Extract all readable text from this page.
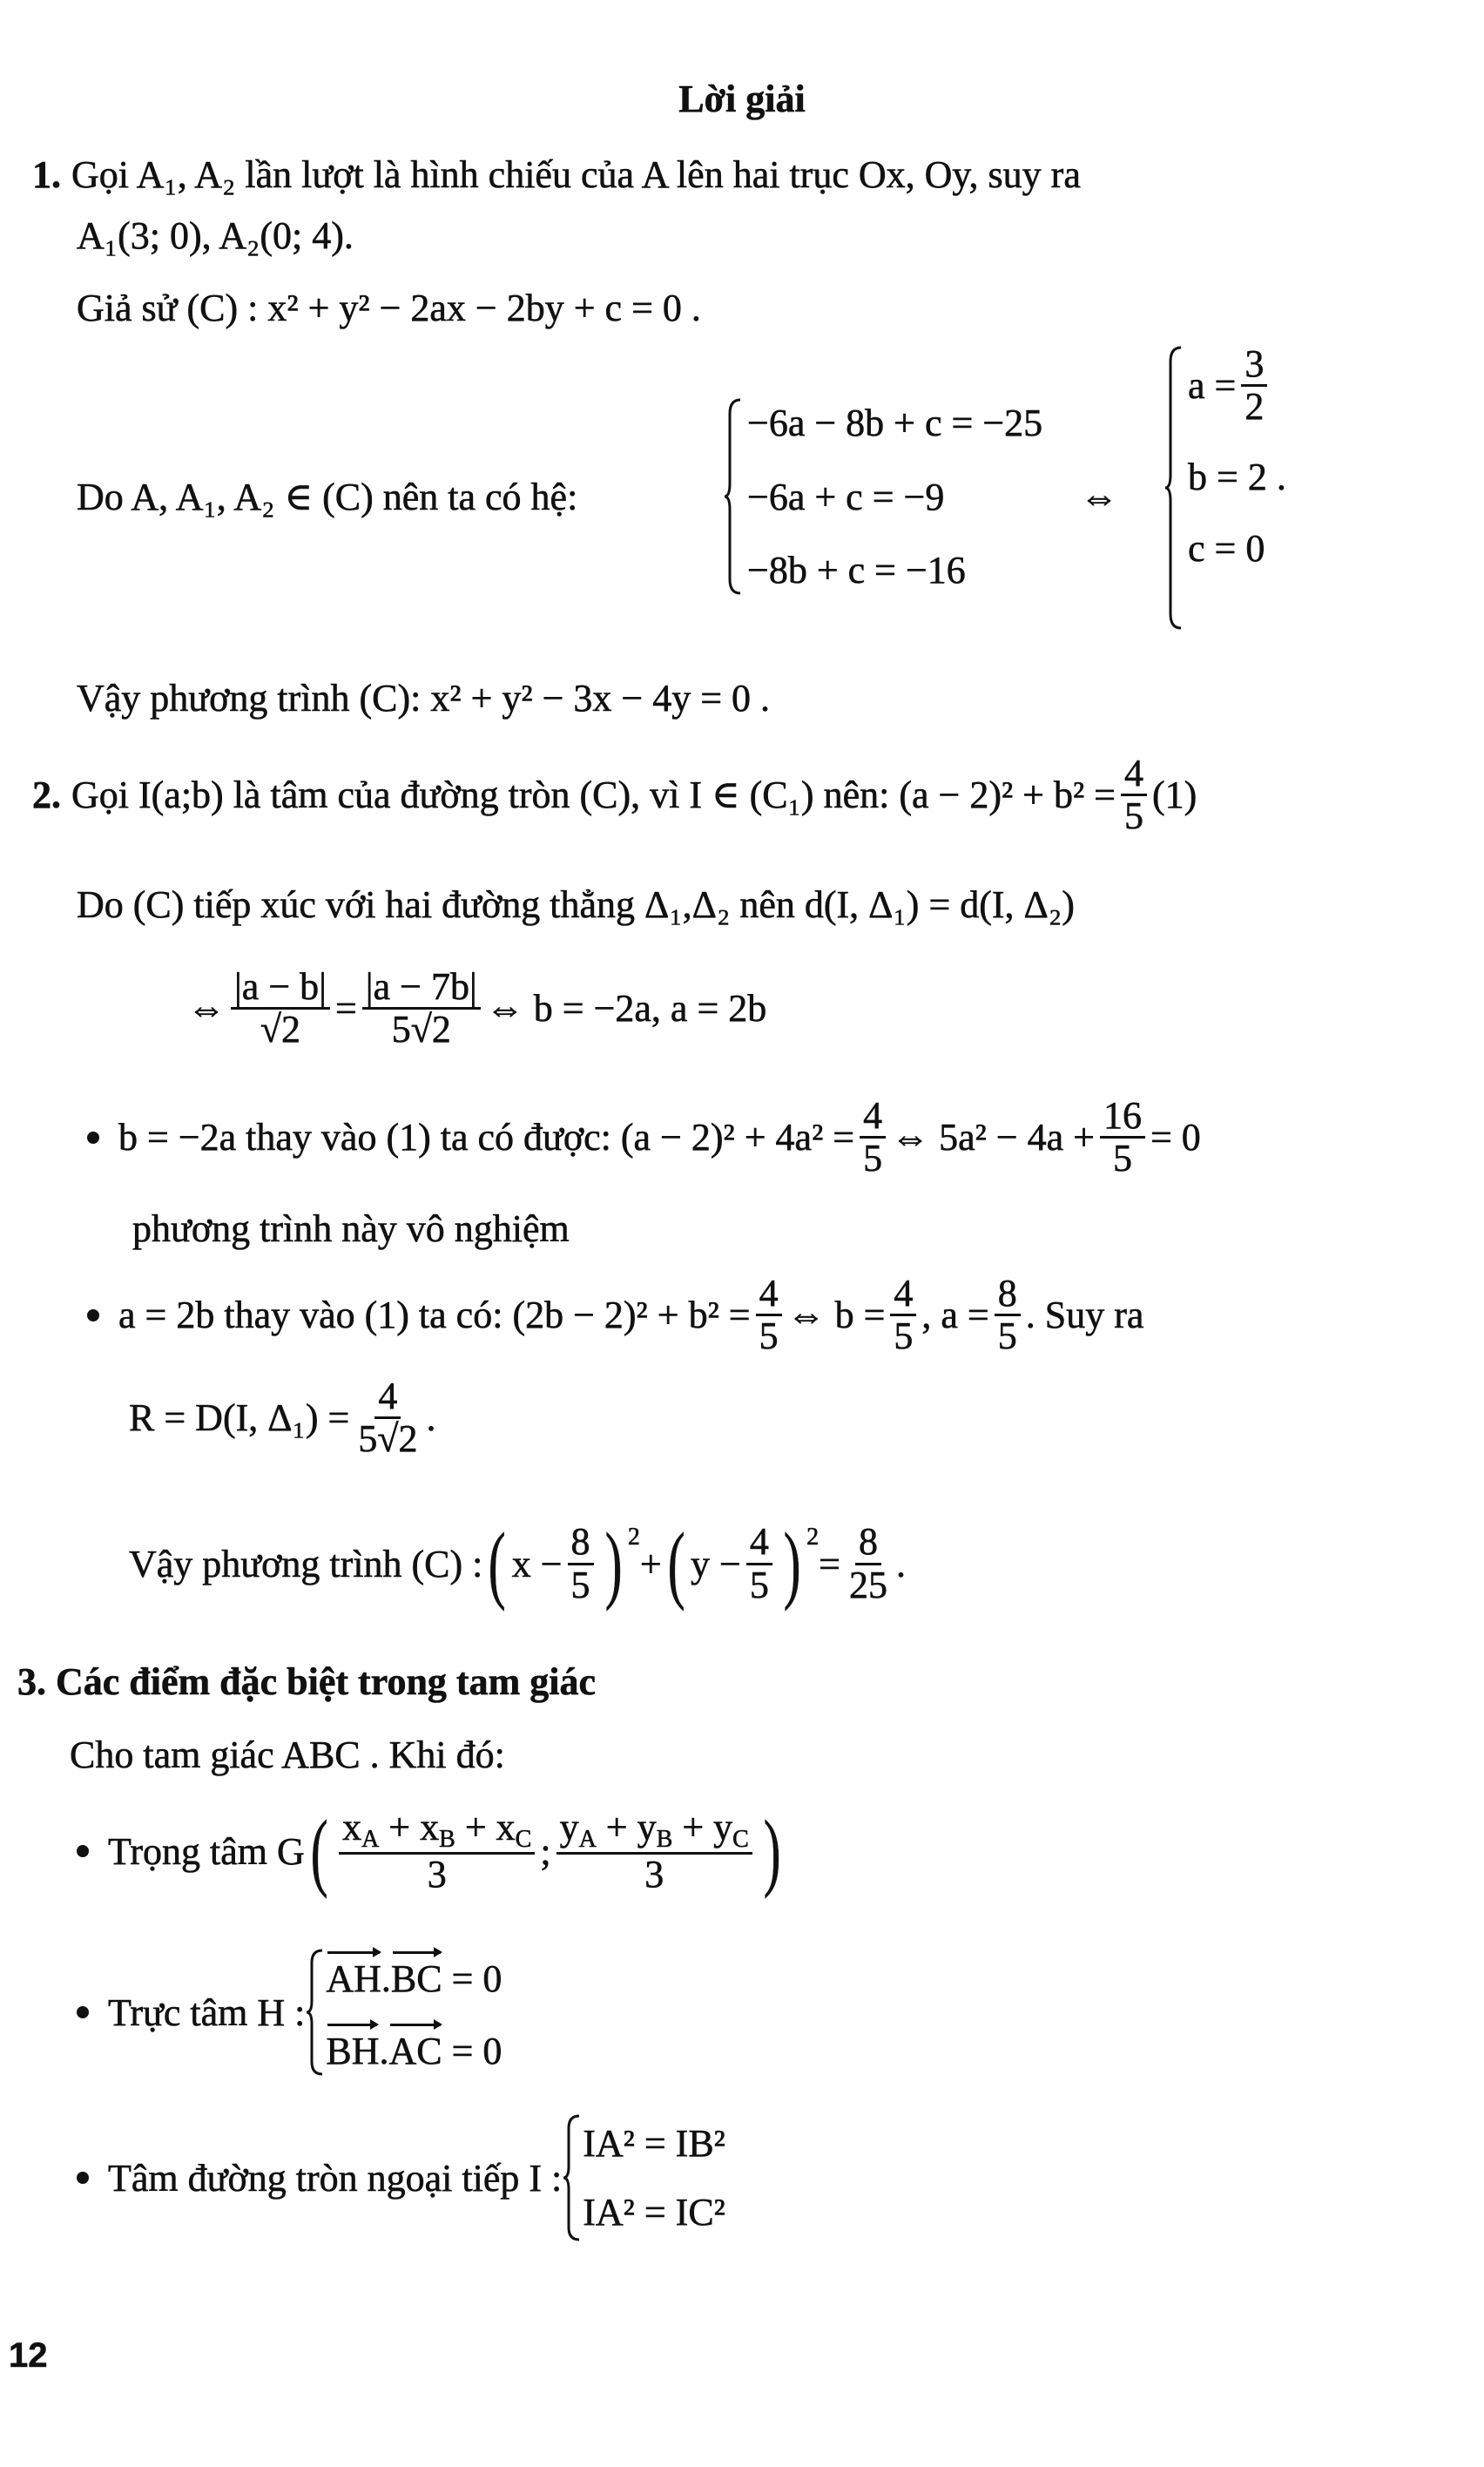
Lời giải
1. Gọi A₁, A₂ lần lượt là hình chiếu của A lên hai trục Ox, Oy, suy ra
A₁(3; 0), A₂(0; 4).
Giả sử (C) : x² + y² − 2ax − 2by + c = 0 .
Do A, A₁, A₂ ∈ (C) nên ta có hệ:
−6a − 8b + c = −25
−6a + c = −9
−8b + c = −16
⇔
$a = \frac{3}{2}$
b = 2 .
c = 0
Vậy phương trình (C): x² + y² − 3x − 4y = 0 .
2. Gọi I(a;b) là tâm của đường tròn (C), vì I ∈ (C₁) nên: $(a - 2)^2 + b^2 = \frac{4}{5} (1)$
Do (C) tiếp xúc với hai đường thẳng Δ₁,Δ₂ nên d(I, Δ₁) = d(I, Δ₂)
⇔ $\frac{|a - b|}{√2} = \frac{|a - 7b|}{5√2}$ ⇔ b = −2a, a = 2b
b = −2a thay vào (1) ta có được: $(a - 2)^2 + 4a^2 = \frac{4}{5}$ ⇔ $5a^2 - 4a + \frac{16}{5} = 0$
phương trình này vô nghiệm
a = 2b thay vào (1) ta có: $(2b - 2)^2 + b^2 = \frac{4}{5}$ ⇔ $b = \frac{4}{5}$ , $a = \frac{8}{5}$ . Suy ra
R = D(I, $\Delta_1) = \frac{4}{5√2}$ .
Vậy phương trình (C) : ( $x - \frac{8}{5}$ ) 2
+ ( $y - \frac{4}{5}$ ) 2
= $\frac{8}{25}$ .
3. Các điểm đặc biệt trong tam giác
Cho tam giác ABC . Khi đó:
Trọng tâm G ( $\frac{x_A + x_B + x_C}{3}$ ; $\frac{y_A + y_B + y_C}{3}$ )
Trực tâm H :
AH.BC = 0
BH.AC = 0
Tâm đường tròn ngoại tiếp I :
IA² = IB²
IA² = IC²
12
